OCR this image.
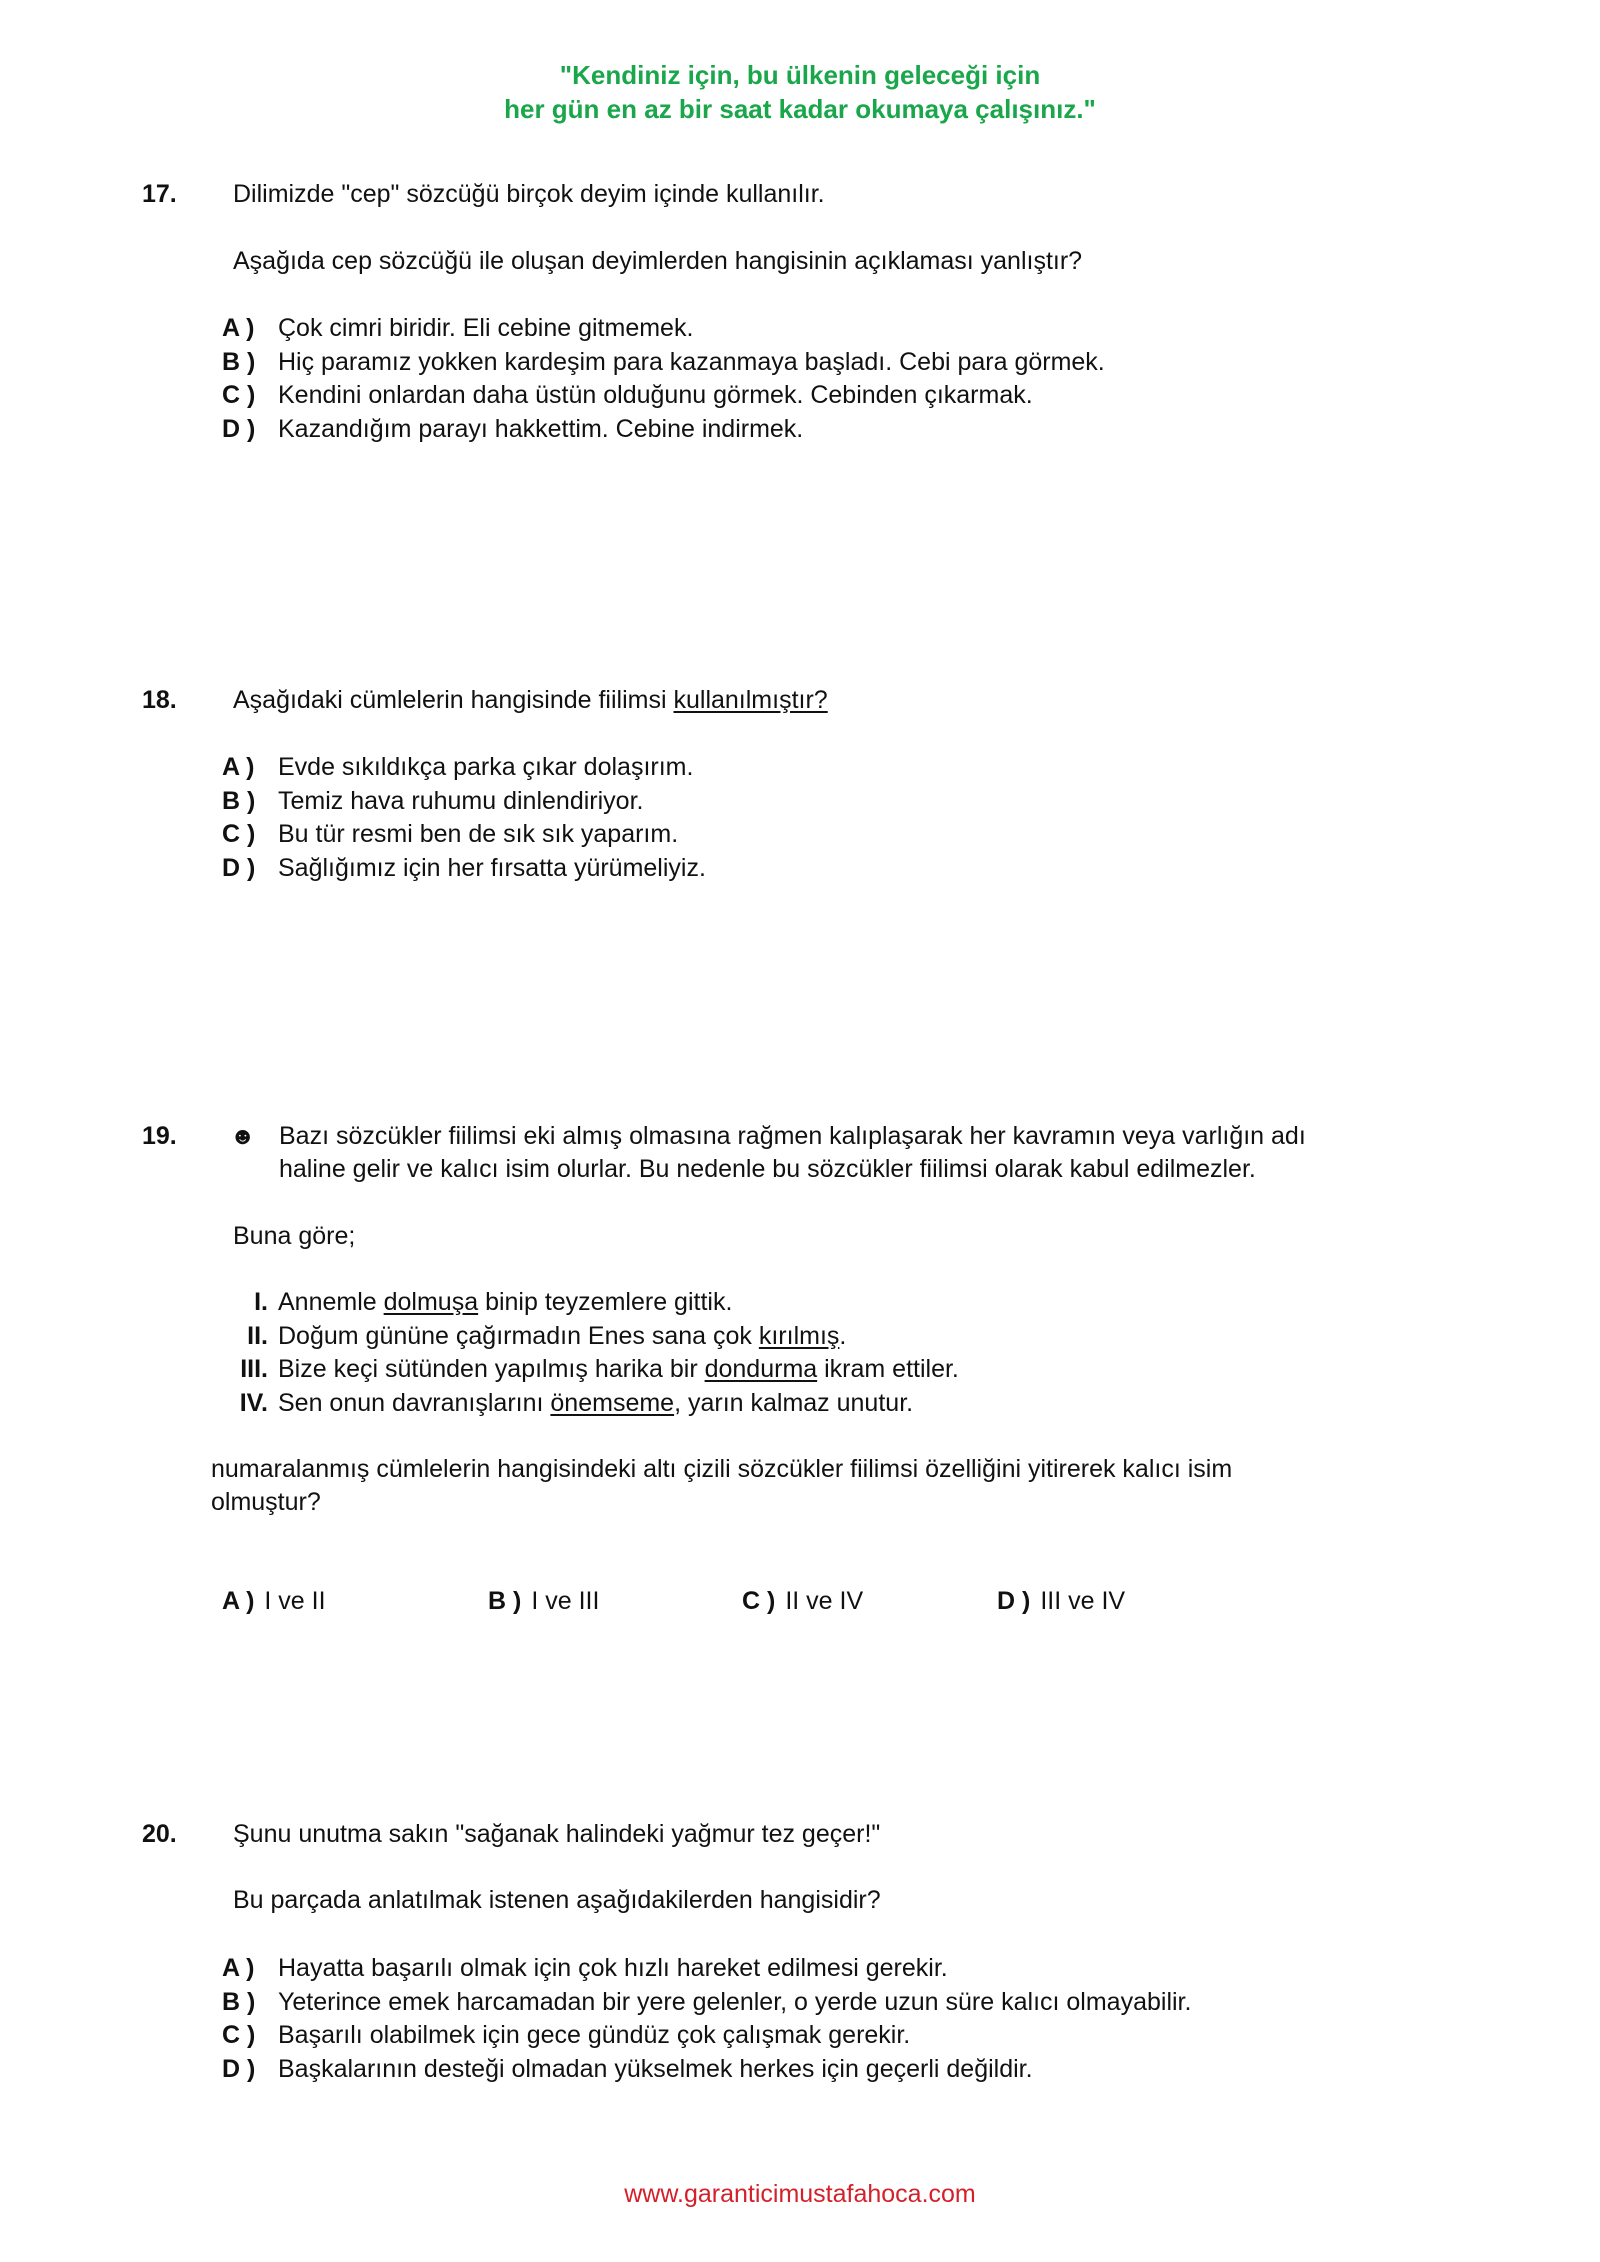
"Kendiniz için, bu ülkenin geleceği için
her gün en az bir saat kadar okumaya çalışınız."
17. Dilimizde "cep" sözcüğü birçok deyim içinde kullanılır.
Aşağıda cep sözcüğü ile oluşan deyimlerden hangisinin açıklaması yanlıştır?
A ) Çok cimri biridir. Eli cebine gitmemek.
B ) Hiç paramız yokken kardeşim para kazanmaya başladı. Cebi para görmek.
C ) Kendini onlardan daha üstün olduğunu görmek. Cebinden çıkarmak.
D ) Kazandığım parayı hakkettim. Cebine indirmek.
18. Aşağıdaki cümlelerin hangisinde fiilimsi kullanılmıştır?
A ) Evde sıkıldıkça parka çıkar dolaşırım.
B ) Temiz hava ruhumu dinlendiriyor.
C ) Bu tür resmi ben de sık sık yaparım.
D ) Sağlığımız için her fırsatta yürümeliyiz.
19. ☻ Bazı sözcükler fiilimsi eki almış olmasına rağmen kalıplaşarak her kavramın veya varlığın adı
haline gelir ve kalıcı isim olurlar. Bu nedenle bu sözcükler fiilimsi olarak kabul edilmezler.
Buna göre;
I. Annemle dolmuşa binip teyzemlere gittik.
II. Doğum gününe çağırmadın Enes sana çok kırılmış.
III. Bize keçi sütünden yapılmış harika bir dondurma ikram ettiler.
IV. Sen onun davranışlarını önemseme, yarın kalmaz unutur.
numaralanmış cümlelerin hangisindeki altı çizili sözcükler fiilimsi özelliğini yitirerek kalıcı isim
olmuştur?
A ) I ve II	B ) I ve III	C ) II ve IV	D ) III ve IV
20. Şunu unutma sakın "sağanak halindeki yağmur tez geçer!"
Bu parçada anlatılmak istenen aşağıdakilerden hangisidir?
A ) Hayatta başarılı olmak için çok hızlı hareket edilmesi gerekir.
B ) Yeterince emek harcamadan bir yere gelenler, o yerde uzun süre kalıcı olmayabilir.
C ) Başarılı olabilmek için gece gündüz çok çalışmak gerekir.
D ) Başkalarının desteği olmadan yükselmek herkes için geçerli değildir.
www.garanticimustafahoca.com
